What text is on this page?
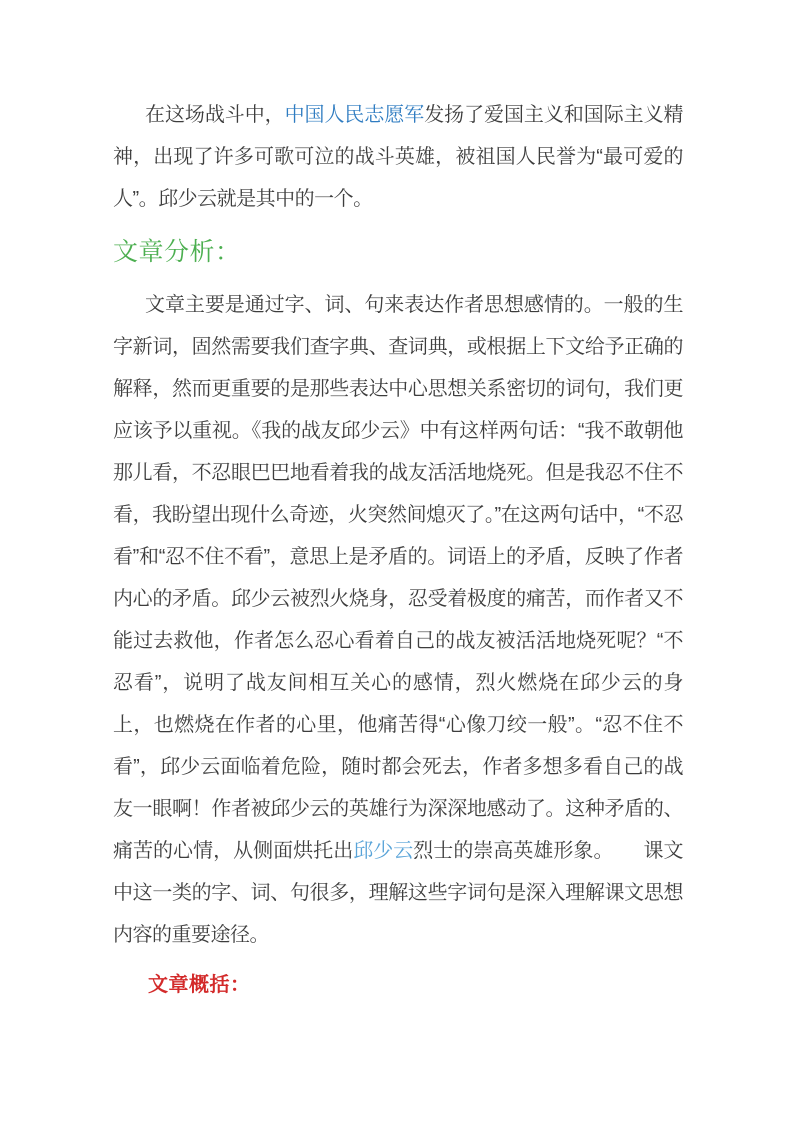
在这场战斗中，中国人民志愿军发扬了爱国主义和国际主义精神，出现了许多可歌可泣的战斗英雄，被祖国人民誉为“最可爱的人”。邱少云就是其中的一个。

文章分析：

文章主要是通过字、词、句来表达作者思想感情的。一般的生字新词，固然需要我们查字典、查词典，或根据上下文给予正确的解释，然而更重要的是那些表达中心思想关系密切的词句，我们更应该予以重视。《我的战友邱少云》中有这样两句话：“我不敢朝他那儿看，不忍眼巴巴地看着我的战友活活地烧死。但是我忍不住不看，我盼望出现什么奇迹，火突然间熄灭了。”在这两句话中，“不忍看”和“忍不住不看”，意思上是矛盾的。词语上的矛盾，反映了作者内心的矛盾。邱少云被烈火烧身，忍受着极度的痛苦，而作者又不能过去救他，作者怎么忍心看着自己的战友被活活地烧死呢？“不忍看”，说明了战友间相互关心的感情，烈火燃烧在邱少云的身上，也燃烧在作者的心里，他痛苦得“心像刀绞一般”。“忍不住不看”，邱少云面临着危险，随时都会死去，作者多想多看自己的战友一眼啊！作者被邱少云的英雄行为深深地感动了。这种矛盾的、痛苦的心情，从侧面烘托出邱少云烈士的崇高英雄形象。　　课文中这一类的字、词、句很多，理解这些字词句是深入理解课文思想内容的重要途径。

文章概括：
